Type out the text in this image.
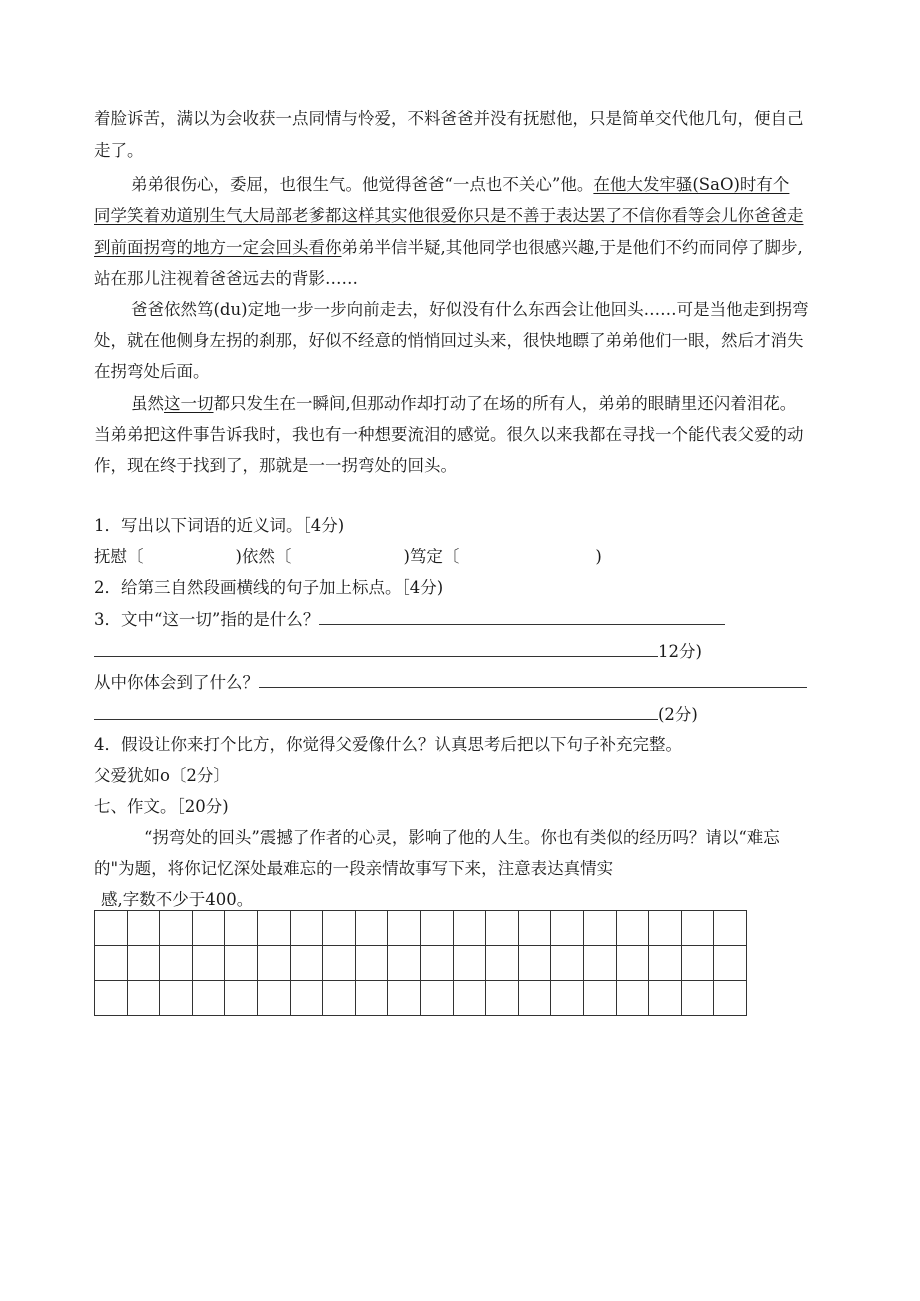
着脸诉苦，满以为会收获一点同情与怜爱，不料爸爸并没有抚慰他，只是简单交代他几句，便自己
走了。
弟弟很伤心，委屈，也很生气。他觉得爸爸“一点也不关心”他。在他大发牢骚(SaO)时有个
同学笑着劝道别生气大局部老爹都这样其实他很爱你只是不善于表达罢了不信你看等会儿你爸爸走
到前面拐弯的地方一定会回头看你弟弟半信半疑,其他同学也很感兴趣,于是他们不约而同停了脚步,
站在那儿注视着爸爸远去的背影……
爸爸依然笃(du)定地一步一步向前走去，好似没有什么东西会让他回头……可是当他走到拐弯
处，就在他侧身左拐的刹那，好似不经意的悄悄回过头来，很快地瞟了弟弟他们一眼，然后才消失
在拐弯处后面。
虽然这一切都只发生在一瞬间,但那动作却打动了在场的所有人，弟弟的眼睛里还闪着泪花。
当弟弟把这件事告诉我时，我也有一种想要流泪的感觉。很久以来我都在寻找一个能代表父爱的动
作，现在终于找到了，那就是一一拐弯处的回头。
1．写出以下词语的近义词。［4分)
抚慰〔	)依然〔	)笃定〔	)
2．给第三自然段画横线的句子加上标点。［4分)
3．文中“这一切”指的是什么？
12分)
从中你体会到了什么？
(2分)
4．假设让你来打个比方，你觉得父爱像什么？认真思考后把以下句子补充完整。
父爱犹如o〔2分〕
七、作文。［20分)
“拐弯处的回头”震撼了作者的心灵，影响了他的人生。你也有类似的经历吗？请以“难忘
的"为题，将你记忆深处最难忘的一段亲情故事写下来，注意表达真情实
感,字数不少于400。
